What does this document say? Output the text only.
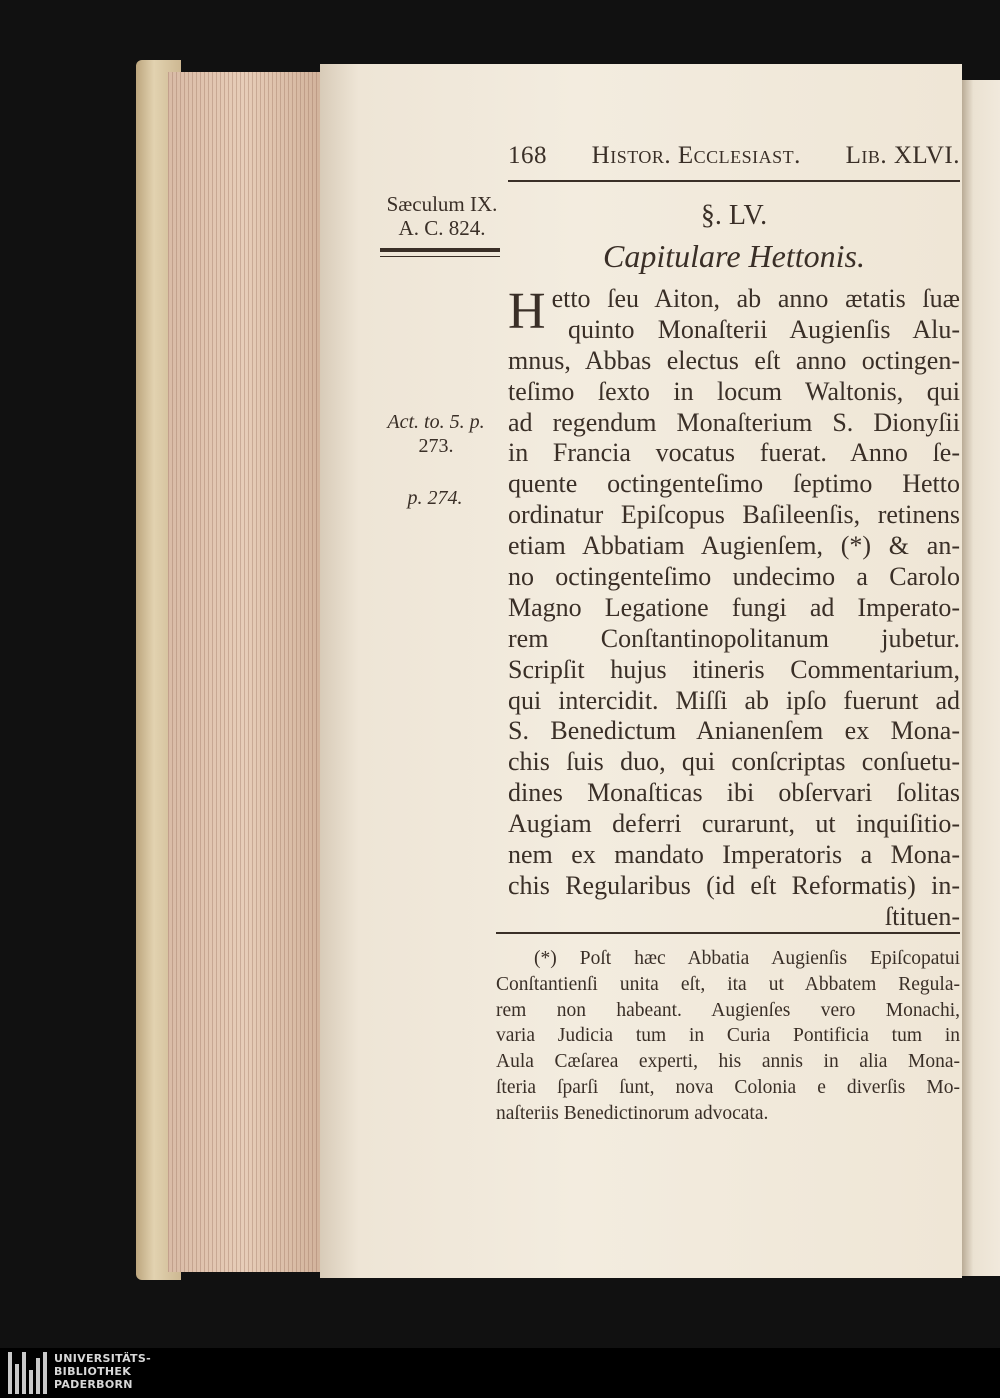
168 Histor. Ecclesiast. Lib. XLVI.
Sæculum IX.
A. C. 824.
Act. to. 5. p.
273.
p. 274.
§. LV.
Capitulare Hettonis.
H etto ſeu Aiton, ab anno ætatis ſuæ
quinto Monaſterii Augienſis Alu-
mnus, Abbas electus eſt anno octingen-
teſimo ſexto in locum Waltonis, qui
ad regendum Monaſterium S. Dionyſii
in Francia vocatus fuerat. Anno ſe-
quente octingenteſimo ſeptimo Hetto
ordinatur Epiſcopus Baſileenſis, retinens
etiam Abbatiam Augienſem, (*) & an-
no octingenteſimo undecimo a Carolo
Magno Legatione fungi ad Imperato-
rem Conſtantinopolitanum jubetur.
Scripſit hujus itineris Commentarium,
qui intercidit. Miſſi ab ipſo fuerunt ad
S. Benedictum Anianenſem ex Mona-
chis ſuis duo, qui conſcriptas conſuetu-
dines Monaſticas ibi obſervari ſolitas
Augiam deferri curarunt, ut inquiſitio-
nem ex mandato Imperatoris a Mona-
chis Regularibus (id eſt Reformatis) in-
ſtituen-
(*) Poſt hæc Abbatia Augienſis Epiſcopatui
Conſtantienſi unita eſt, ita ut Abbatem Regula-
rem non habeant. Augienſes vero Monachi,
varia Judicia tum in Curia Pontificia tum in
Aula Cæſarea experti, his annis in alia Mona-
ſteria ſparſi ſunt, nova Colonia e diverſis Mo-
naſteriis Benedictinorum advocata.
UNIVERSITÄTS-
BIBLIOTHEK
PADERBORN
